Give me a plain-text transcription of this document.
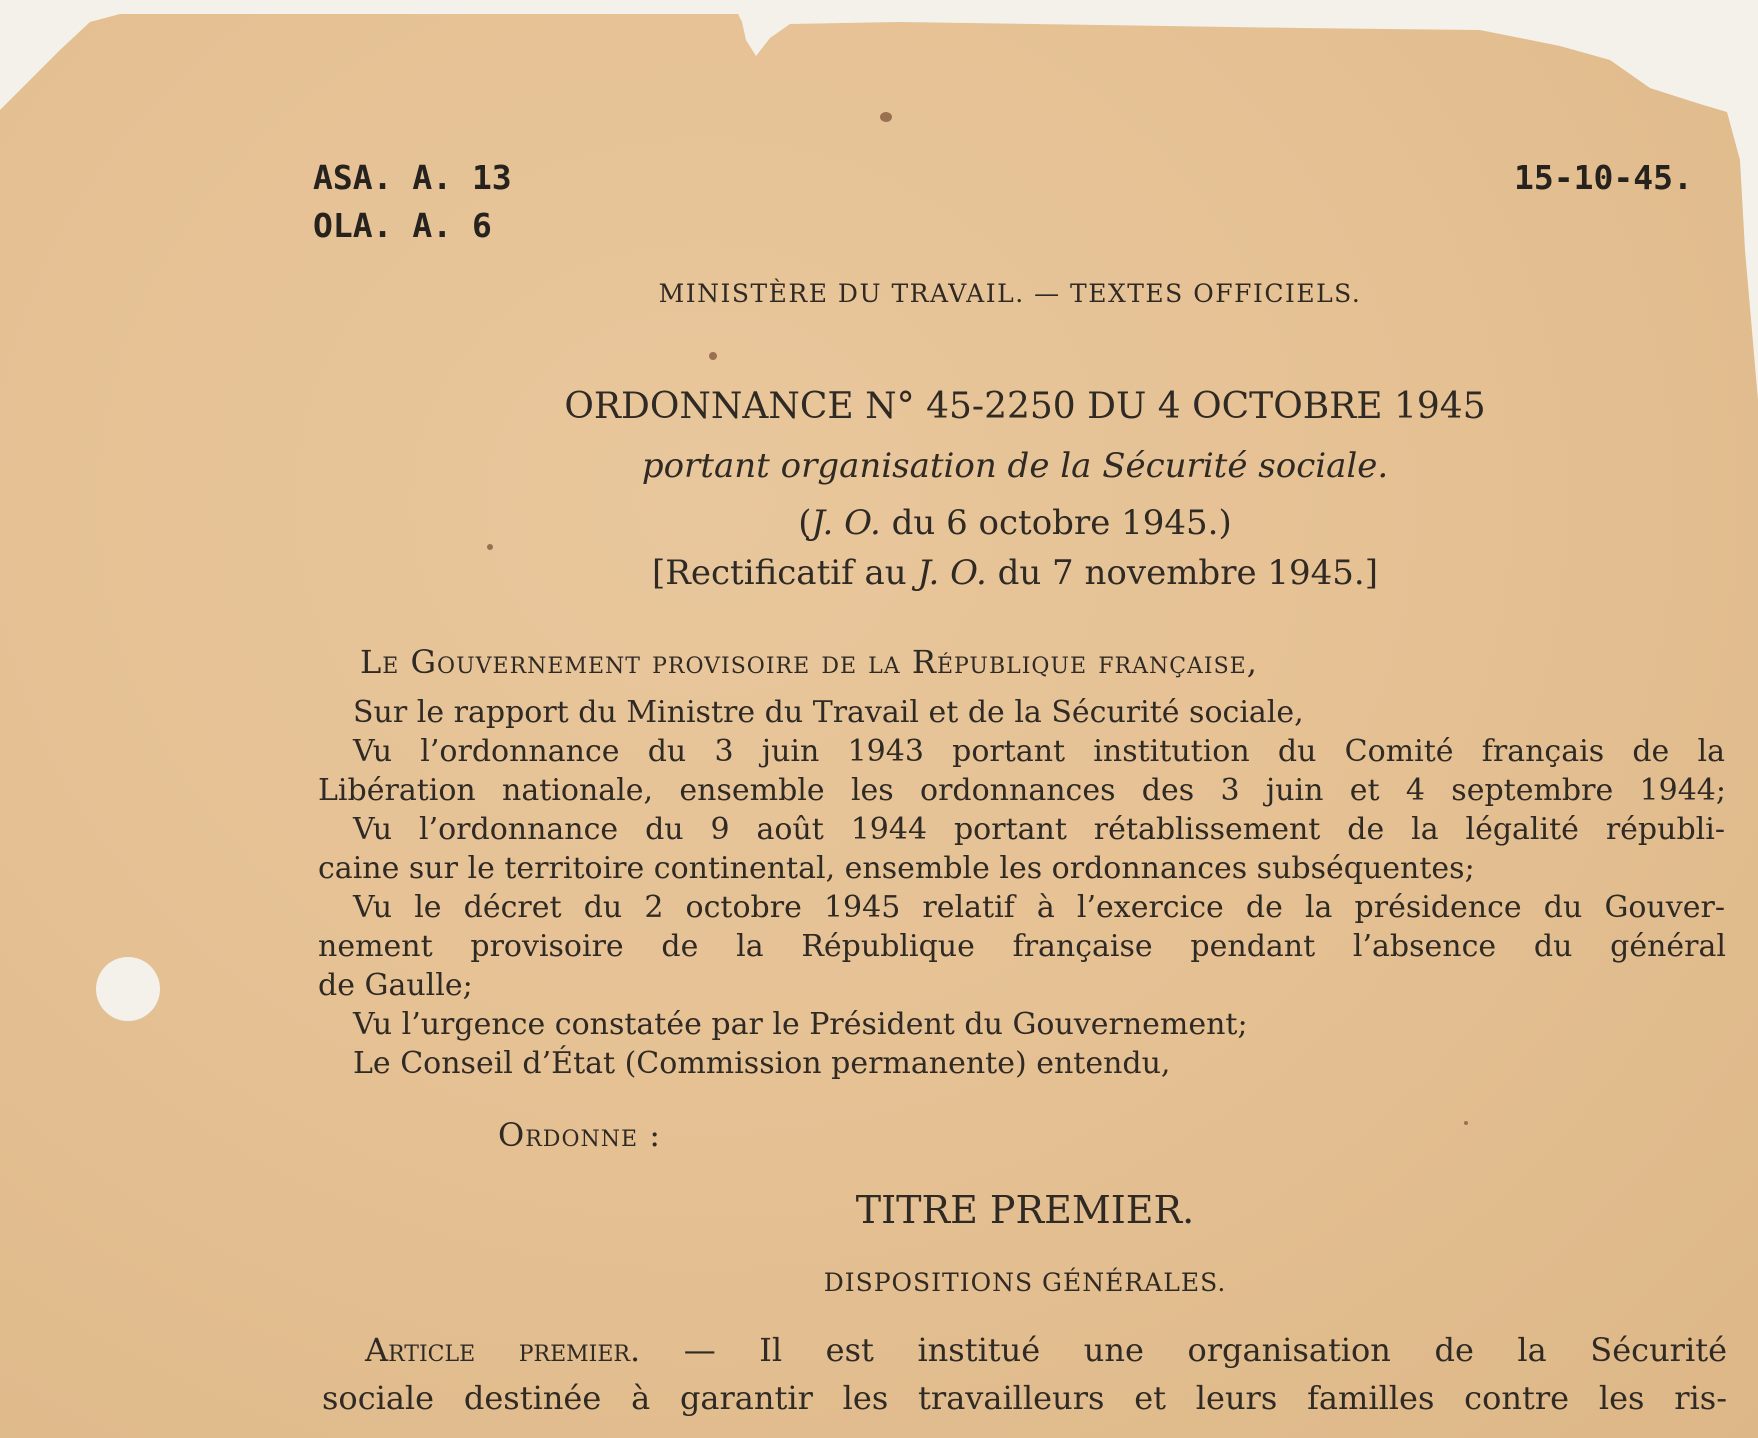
ASA. A. 13
OLA. A. 6
15-10-45.
MINISTÈRE DU TRAVAIL. — TEXTES OFFICIELS.
ORDONNANCE N° 45-2250 DU 4 OCTOBRE 1945
portant organisation de la Sécurité sociale.
(J. O. du 6 octobre 1945.)
[Rectificatif au J. O. du 7 novembre 1945.]
Le Gouvernement provisoire de la République française,
Sur le rapport du Ministre du Travail et de la Sécurité sociale,
Vu l’ordonnance du 3 juin 1943 portant institution du Comité français de la
Libération nationale, ensemble les ordonnances des 3 juin et 4 septembre 1944;
Vu l’ordonnance du 9 août 1944 portant rétablissement de la légalité républi-
caine sur le territoire continental, ensemble les ordonnances subséquentes;
Vu le décret du 2 octobre 1945 relatif à l’exercice de la présidence du Gouver-
nement provisoire de la République française pendant l’absence du général
de Gaulle;
Vu l’urgence constatée par le Président du Gouvernement;
Le Conseil d’État (Commission permanente) entendu,
Ordonne :
TITRE PREMIER.
DISPOSITIONS GÉNÉRALES.
Article premier. — Il est institué une organisation de la Sécurité
sociale destinée à garantir les travailleurs et leurs familles contre les ris-
